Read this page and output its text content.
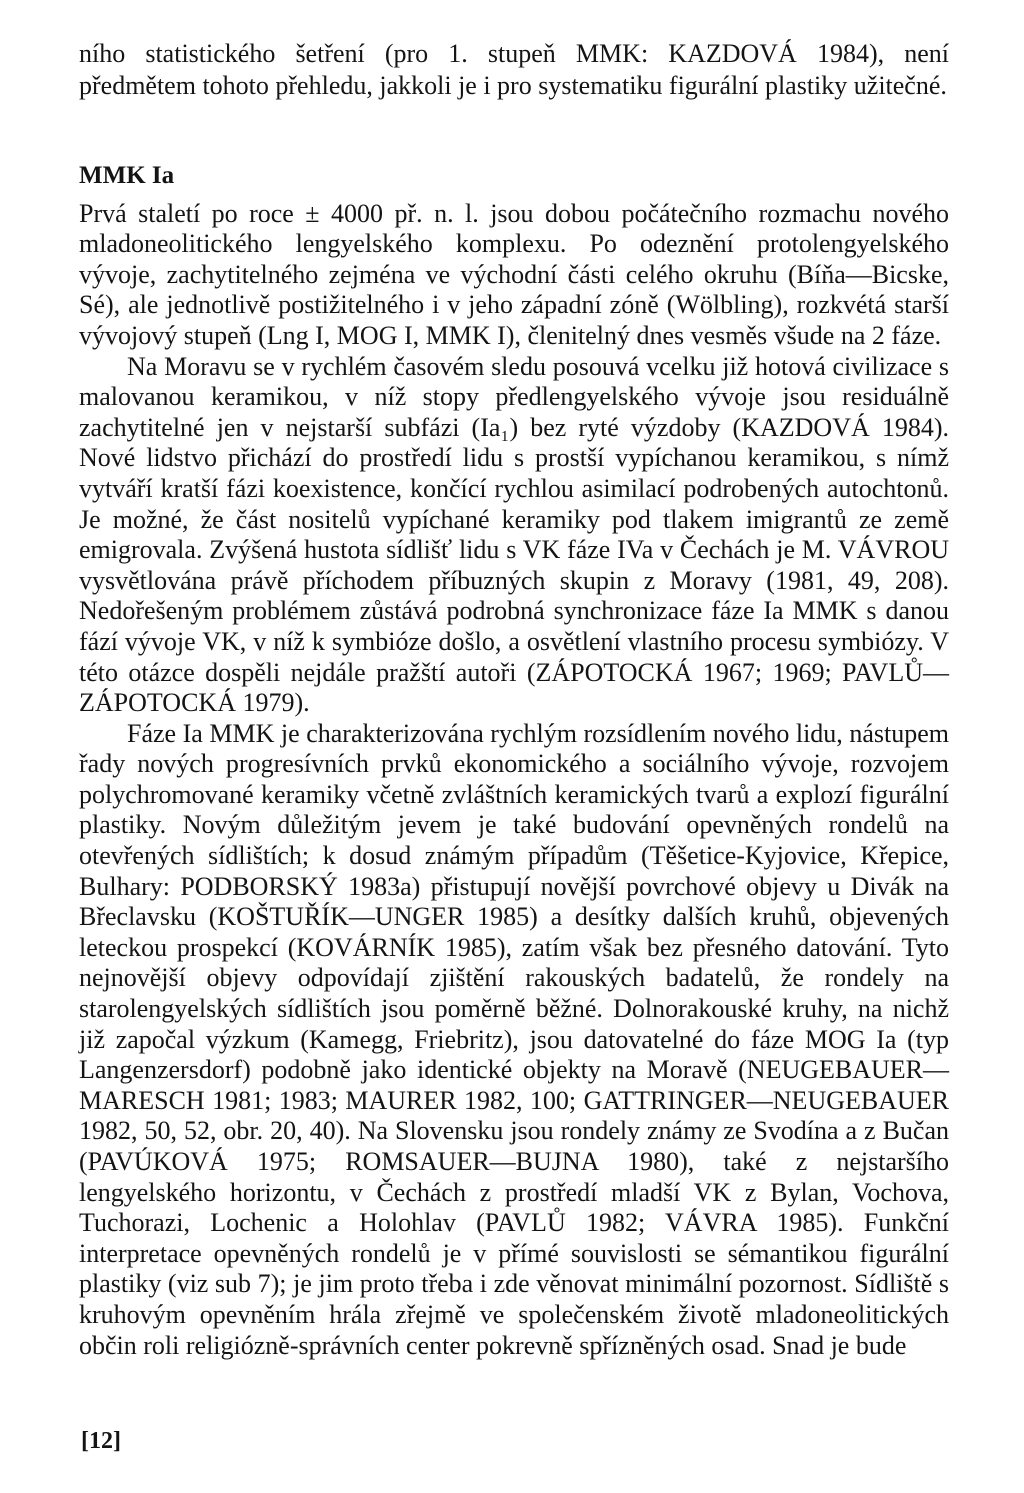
ního statistického šetření (pro 1. stupeň MMK: KAZDOVÁ 1984), není předmětem tohoto přehledu, jakkoli je i pro systematiku figurální plastiky užitečné.

MMK Ia

Prvá staletí po roce ± 4000 př. n. l. jsou dobou počátečního rozmachu nového mladoneolitického lengyelského komplexu. Po odeznění protolengyelského vývoje, zachytitelného zejména ve východní části celého okruhu (Bíňa—Bicske, Sé), ale jednotlivě postižitelného i v jeho západní zóně (Wölbling), rozkvétá starší vývojový stupeň (Lng I, MOG I, MMK I), členitelný dnes vesměs všude na 2 fáze.

Na Moravu se v rychlém časovém sledu posouvá vcelku již hotová civilizace s malovanou keramikou, v níž stopy předlengyelského vývoje jsou residuálně zachytitelné jen v nejstarší subfázi (Ia₁) bez ryté výzdoby (KAZDOVÁ 1984). Nové lidstvo přichází do prostředí lidu s prostší vypíchanou keramikou, s nímž vytváří kratší fázi koexistence, končící rychlou asimilací podrobených autochtonů. Je možné, že část nositelů vypíchané keramiky pod tlakem imigrantů ze země emigrovala. Zvýšená hustota sídlišť lidu s VK fáze IVa v Čechách je M. VÁVROU vysvětlována právě příchodem příbuzných skupin z Moravy (1981, 49, 208). Nedořešeným problémem zůstává podrobná synchronizace fáze Ia MMK s danou fází vývoje VK, v níž k symbióze došlo, a osvětlení vlastního procesu symbiózy. V této otázce dospěli nejdále pražští autoři (ZÁPOTOCKÁ 1967; 1969; PAVLŮ—ZÁPOTOCKÁ 1979).

Fáze Ia MMK je charakterizována rychlým rozsídlením nového lidu, nástupem řady nových progresívních prvků ekonomického a sociálního vývoje, rozvojem polychromované keramiky včetně zvláštních keramických tvarů a explozí figurální plastiky. Novým důležitým jevem je také budování opevněných rondelů na otevřených sídlištích; k dosud známým případům (Těšetice-Kyjovice, Křepice, Bulhary: PODBORSKÝ 1983a) přistupují novější povrchové objevy u Divák na Břeclavsku (KOŠTUŘÍK—UNGER 1985) a desítky dalších kruhů, objevených leteckou prospekcí (KOVÁRNÍK 1985), zatím však bez přesného datování. Tyto nejnovější objevy odpovídají zjištění rakouských badatelů, že rondely na starolengyelských sídlištích jsou poměrně běžné. Dolnorakouské kruhy, na nichž již započal výzkum (Kamegg, Friebritz), jsou datovatelné do fáze MOG Ia (typ Langenzersdorf) podobně jako identické objekty na Moravě (NEUGEBAUER—MARESCH 1981; 1983; MAURER 1982, 100; GATTRINGER—NEUGEBAUER 1982, 50, 52, obr. 20, 40). Na Slovensku jsou rondely známy ze Svodína a z Bučan (PAVÚKOVÁ 1975; ROMSAUER—BUJNA 1980), také z nejstaršího lengyelského horizontu, v Čechách z prostředí mladší VK z Bylan, Vochova, Tuchorazi, Lochenic a Holohlav (PAVLŮ 1982; VÁVRA 1985). Funkční interpretace opevněných rondelů je v přímé souvislosti se sémantikou figurální plastiky (viz sub 7); je jim proto třeba i zde věnovat minimální pozornost. Sídliště s kruhovým opevněním hrála zřejmě ve společenském životě mladoneolitických občin roli religiózně-správních center pokrevně spřízněných osad. Snad je bude

[12]
